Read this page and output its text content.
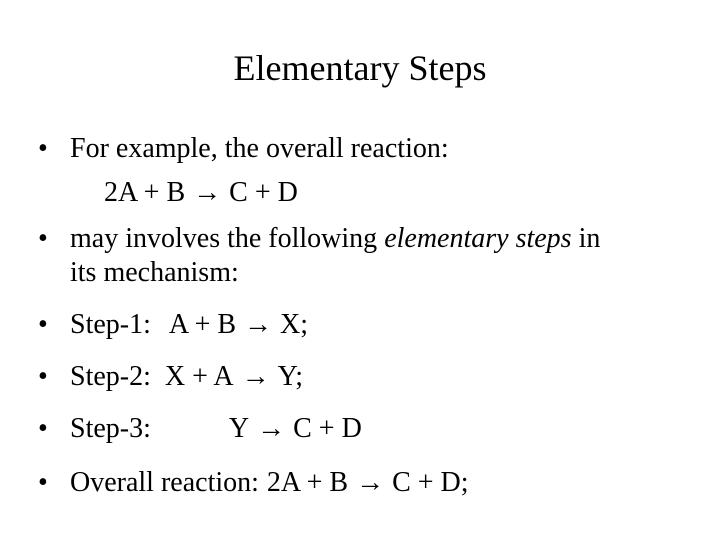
Elementary Steps
• For example, the overall reaction:
2A + B → C + D
• may involves the following elementary steps in
its mechanism:
• Step-1: A + B → X;
• Step-2: X + A → Y;
• Step-3:	Y → C + D
• Overall reaction: 2A + B → C + D;
